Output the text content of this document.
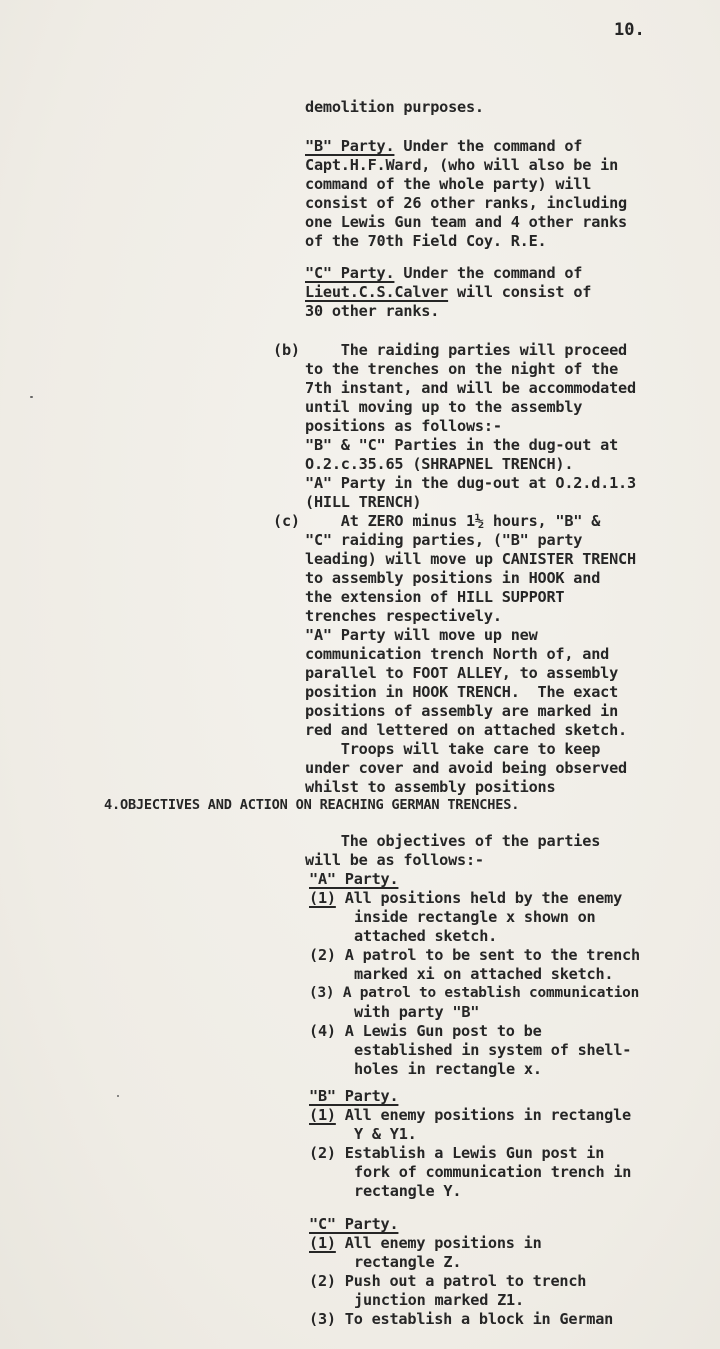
10.
demolition purposes.
"B" Party. Under the command of
Capt.H.F.Ward, (who will also be in
command of the whole party) will
consist of 26 other ranks, including
one Lewis Gun team and 4 other ranks
of the 70th Field Coy. R.E.
"C" Party. Under the command of
Lieut.C.S.Calver will consist of
30 other ranks.
(b) The raiding parties will proceed
to the trenches on the night of the
7th instant, and will be accommodated
until moving up to the assembly
positions as follows:-
"B" & "C" Parties in the dug-out at
O.2.c.35.65 (SHRAPNEL TRENCH).
"A" Party in the dug-out at O.2.d.1.3
(HILL TRENCH)
(c) At ZERO minus 1½ hours, "B" &
"C" raiding parties, ("B" party
leading) will move up CANISTER TRENCH
to assembly positions in HOOK and
the extension of HILL SUPPORT
trenches respectively.
"A" Party will move up new
communication trench North of, and
parallel to FOOT ALLEY, to assembly
position in HOOK TRENCH.  The exact
positions of assembly are marked in
red and lettered on attached sketch.
Troops will take care to keep
under cover and avoid being observed
whilst to assembly positions
4.OBJECTIVES AND ACTION ON REACHING GERMAN TRENCHES.
The objectives of the parties
will be as follows:-
"A" Party.
(1) All positions held by the enemy
inside rectangle x shown on
attached sketch.
(2) A patrol to be sent to the trench
marked xi on attached sketch.
(3) A patrol to establish communication
with party "B"
(4) A Lewis Gun post to be
established in system of shell-
holes in rectangle x.
"B" Party.
(1) All enemy positions in rectangle
Y & Y1.
(2) Establish a Lewis Gun post in
fork of communication trench in
rectangle Y.
"C" Party.
(1) All enemy positions in
rectangle Z.
(2) Push out a patrol to trench
junction marked Z1.
(3) To establish a block in German
